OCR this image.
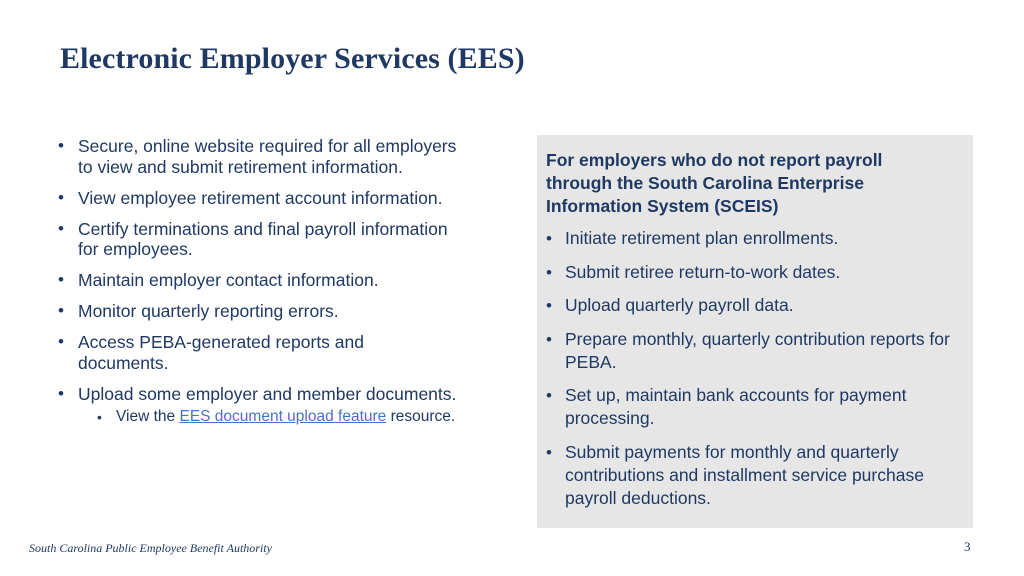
Electronic Employer Services (EES)
• Secure, online website required for all employers to view and submit retirement information.
• View employee retirement account information.
• Certify terminations and final payroll information for employees.
• Maintain employer contact information.
• Monitor quarterly reporting errors.
• Access PEBA-generated reports and documents.
• Upload some employer and member documents.
• View the EES document upload feature resource.
For employers who do not report payroll through the South Carolina Enterprise Information System (SCEIS)
• Initiate retirement plan enrollments.
• Submit retiree return-to-work dates.
• Upload quarterly payroll data.
• Prepare monthly, quarterly contribution reports for PEBA.
• Set up, maintain bank accounts for payment processing.
• Submit payments for monthly and quarterly contributions and installment service purchase payroll deductions.
South Carolina Public Employee Benefit Authority	3
